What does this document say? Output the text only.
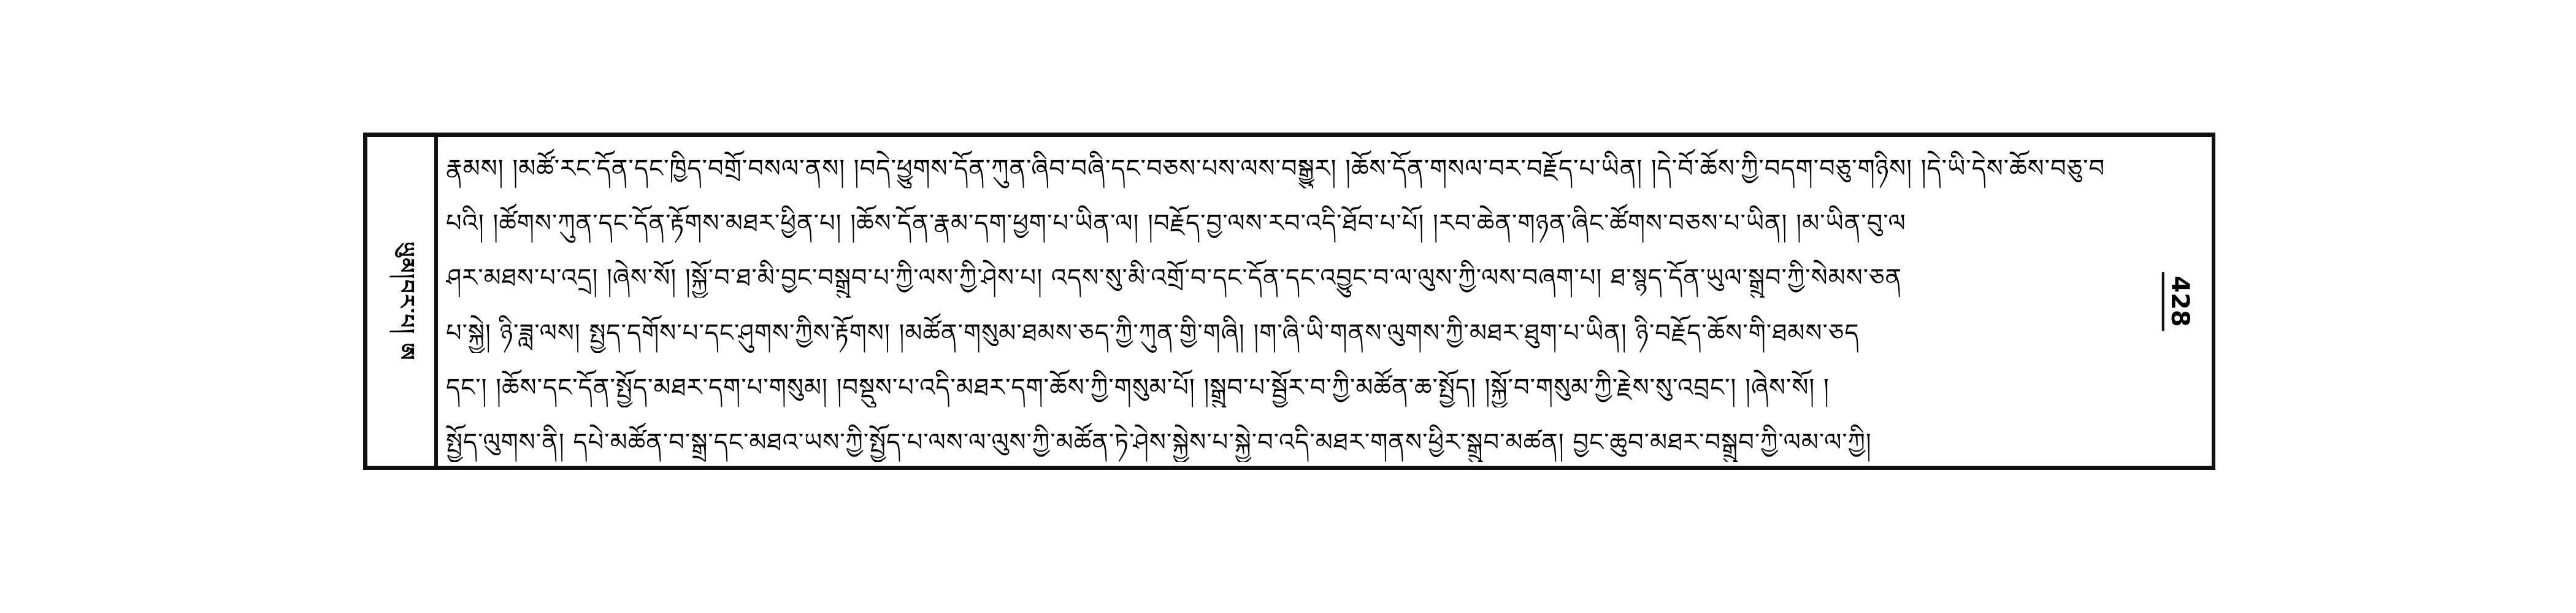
ཡུམ།བར་པ། ཨ
རྣམས། །མཚོ་རང་དོན་དང་ཁྱིད་བགྲོ་བསལ་ནས། །བདེ་ཕྱུགས་དོན་ཀུན་ཞིབ་བཞི་དང་བཅས་པས་ལས་བསྒྱུར། །ཆོས་དོན་གསལ་བར་བརྗོད་པ་ཡིན། །དེ་བོ་ཆོས་ཀྱི་བདག་བཅུ་གཉིས། །དེ་ཡི་དེས་ཆོས་བཅུ་བ
པའི། །ཚོགས་ཀུན་དང་དོན་རྟོགས་མཐར་ཕྱིན་པ། །ཆོས་དོན་རྣམ་དག་ཕྱག་པ་ཡིན་ལ། །བརྗོད་བྱ་ལས་རབ་འདི་ཐོབ་པ་པོ། །རབ་ཆེན་གཉན་ཞིང་ཚོགས་བཅས་པ་ཡིན། །མ་ཡིན་བུ་ལ
ཤར་མཐས་པ་འདྲ། །ཞེས་སོ། །སྐྱོ་བ་ཐ་མི་བྱང་བསྒྲུབ་པ་ཀྱི་ལས་ཀྱི་ཤེས་པ། འདས་སུ་མི་འགྲོ་བ་དང་དོན་དང་འབྱུང་བ་ལ་ལུས་ཀྱི་ལས་བཞག་པ། ཐ་སྙད་དོན་ཡུལ་སྒྲུབ་ཀྱི་སེམས་ཅན
པ་སྐྱེ། ཉི་ཟླ་ལས། སྤྱད་དགོས་པ་དང་ཤུགས་ཀྱིས་རྟོགས། །མཚོན་གསུམ་ཐམས་ཅད་ཀྱི་ཀུན་གྱི་གཞི། །ག་ཞི་ཡི་གནས་ལུགས་ཀྱི་མཐར་ཐུག་པ་ཡིན། ཉི་བརྗོད་ཆོས་གི་ཐམས་ཅད
དང་། །ཆོས་དང་དོན་སྤྱོད་མཐར་དག་པ་གསུམ། །བསྡུས་པ་འདི་མཐར་དག་ཆོས་ཀྱི་གསུམ་པོ། །སྒྲུབ་པ་སྦྱོར་བ་ཀྱི་མཚོན་ཆ་སྤྱོད། །སྐྱོ་བ་གསུམ་ཀྱི་རྗེས་སུ་འབྲང་། །ཞེས་སོ། །
སྤྱོད་ལུགས་ནི། དཔེ་མཚོན་བ་སྒྲ་དང་མཐའ་ཡས་ཀྱི་སྤྱོད་པ་ལས་ལ་ལུས་ཀྱི་མཚོན་ཏེ་ཤེས་སྐྱེས་པ་སྐྱེ་བ་འདི་མཐར་གནས་ཕྱིར་སྒྲུབ་མཚན། བྱང་ཆུབ་མཐར་བསྒྲུབ་ཀྱི་ལམ་ལ་ཀྱི།
428
